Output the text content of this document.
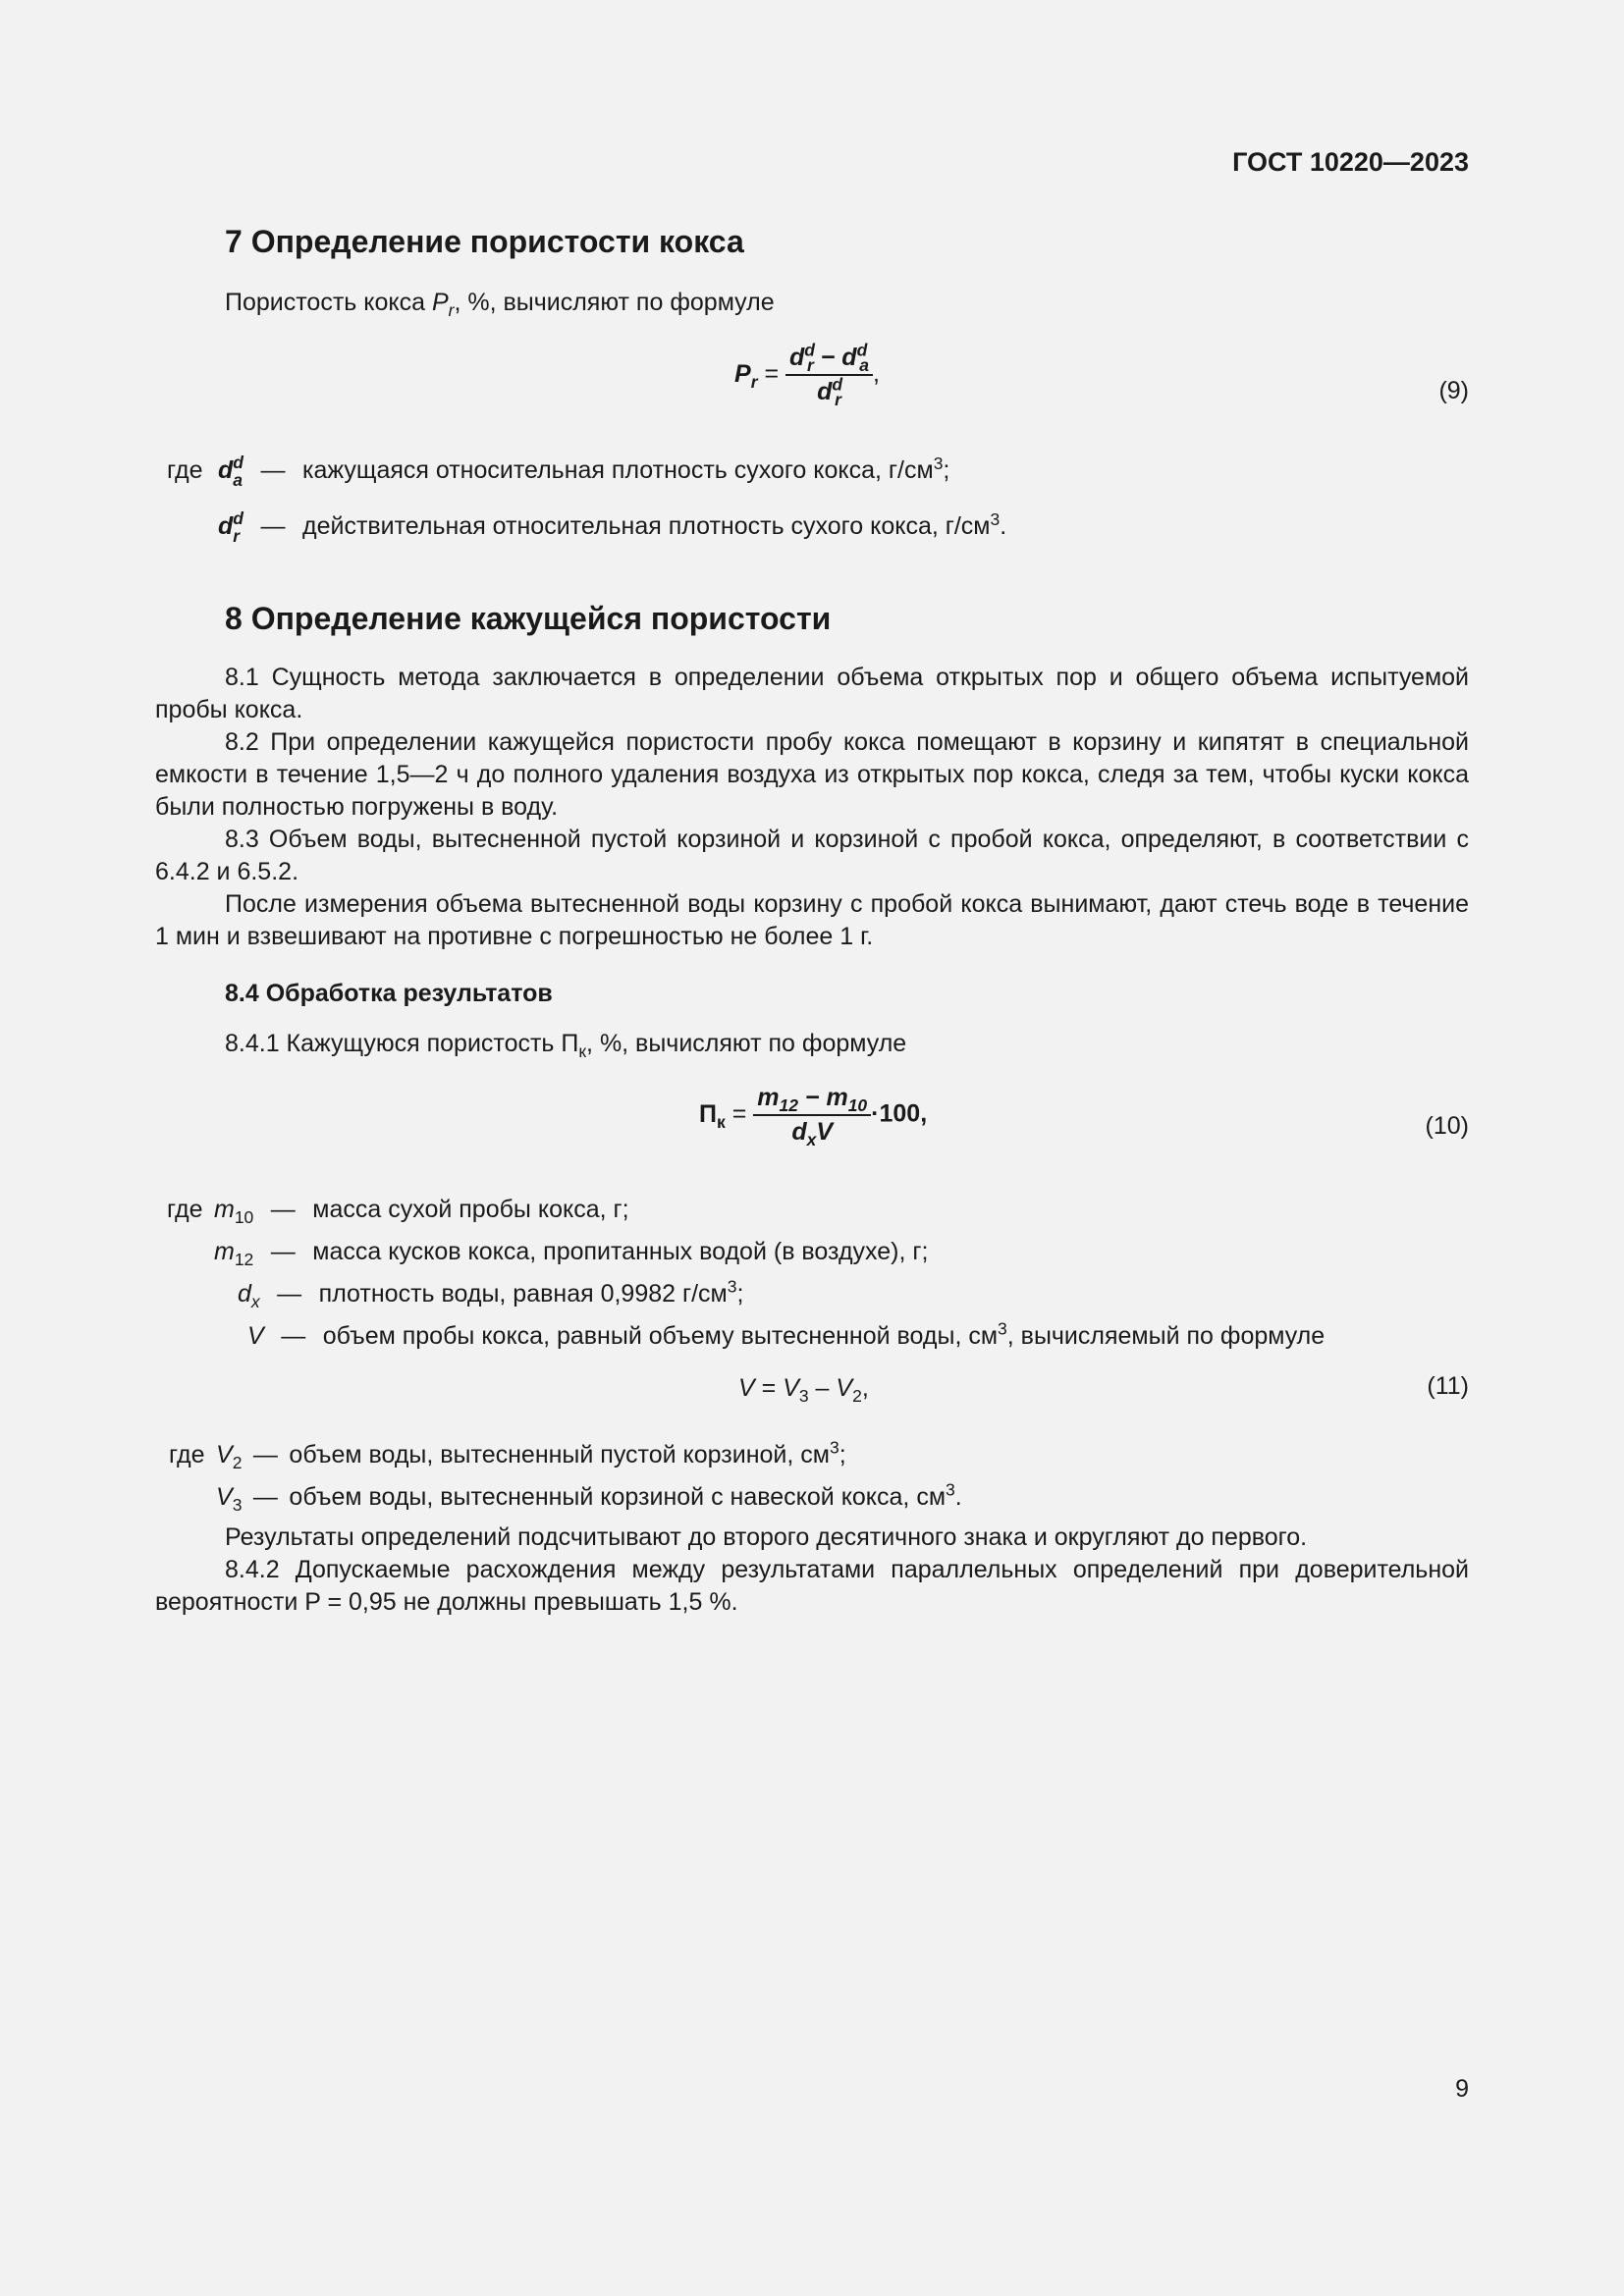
ГОСТ 10220—2023
7 Определение пористости кокса
Пористость кокса $P_r$, %, вычисляют по формуле
$P_r = \frac{d^d_r - d^d_a}{d^d_r}$ ,
(9)
где d d
a — кажущаяся относительная плотность сухого кокса, $г/см^3$;
d d
r — действительная относительная плотность сухого кокса, $г/см^3$.
8 Определение кажущейся пористости

8.1 Сущность метода заключается в определении объема открытых пор и общего объема испытуемой пробы кокса.

8.2 При определении кажущейся пористости пробу кокса помещают в корзину и кипятят в специальной емкости в течение 1,5—2 ч до полного удаления воздуха из открытых пор кокса, следя за тем, чтобы куски кокса были полностью погружены в воду.

8.3 Объем воды, вытесненной пустой корзиной и корзиной с пробой кокса, определяют, в соответствии с 6.4.2 и 6.5.2.

После измерения объема вытесненной воды корзину с пробой кокса вынимают, дают стечь воде в течение 1 мин и взвешивают на противне с погрешностью не более 1 г.

8.4 Обработка результатов
8.4.1 Кажущуюся пористость $П_к$, %, вычисляют по формуле
$П_к = \frac{m_{12} - m_{10}}{d_xV} \cdot 100$,	(10)
где $m_{10}$ — масса сухой пробы кокса, г;
$m_{12}$ — масса кусков кокса, пропитанных водой (в воздухе), г;
$d_x$ — плотность воды, равная 0,9982 $г/см^3$;
V — объем пробы кокса, равный объему вытесненной воды, $см^3$, вычисляемый по формуле
$V = V_3 - V_2$,	(11)
где $V_2$ — объем воды, вытесненный пустой корзиной, $см^3$;
$V_3$ — объем воды, вытесненный корзиной с навеской кокса, $см^3$.

Результаты определений подсчитывают до второго десятичного знака и округляют до первого.

8.4.2 Допускаемые расхождения между результатами параллельных определений при доверительной вероятности P = 0,95 не должны превышать 1,5 %.

9
